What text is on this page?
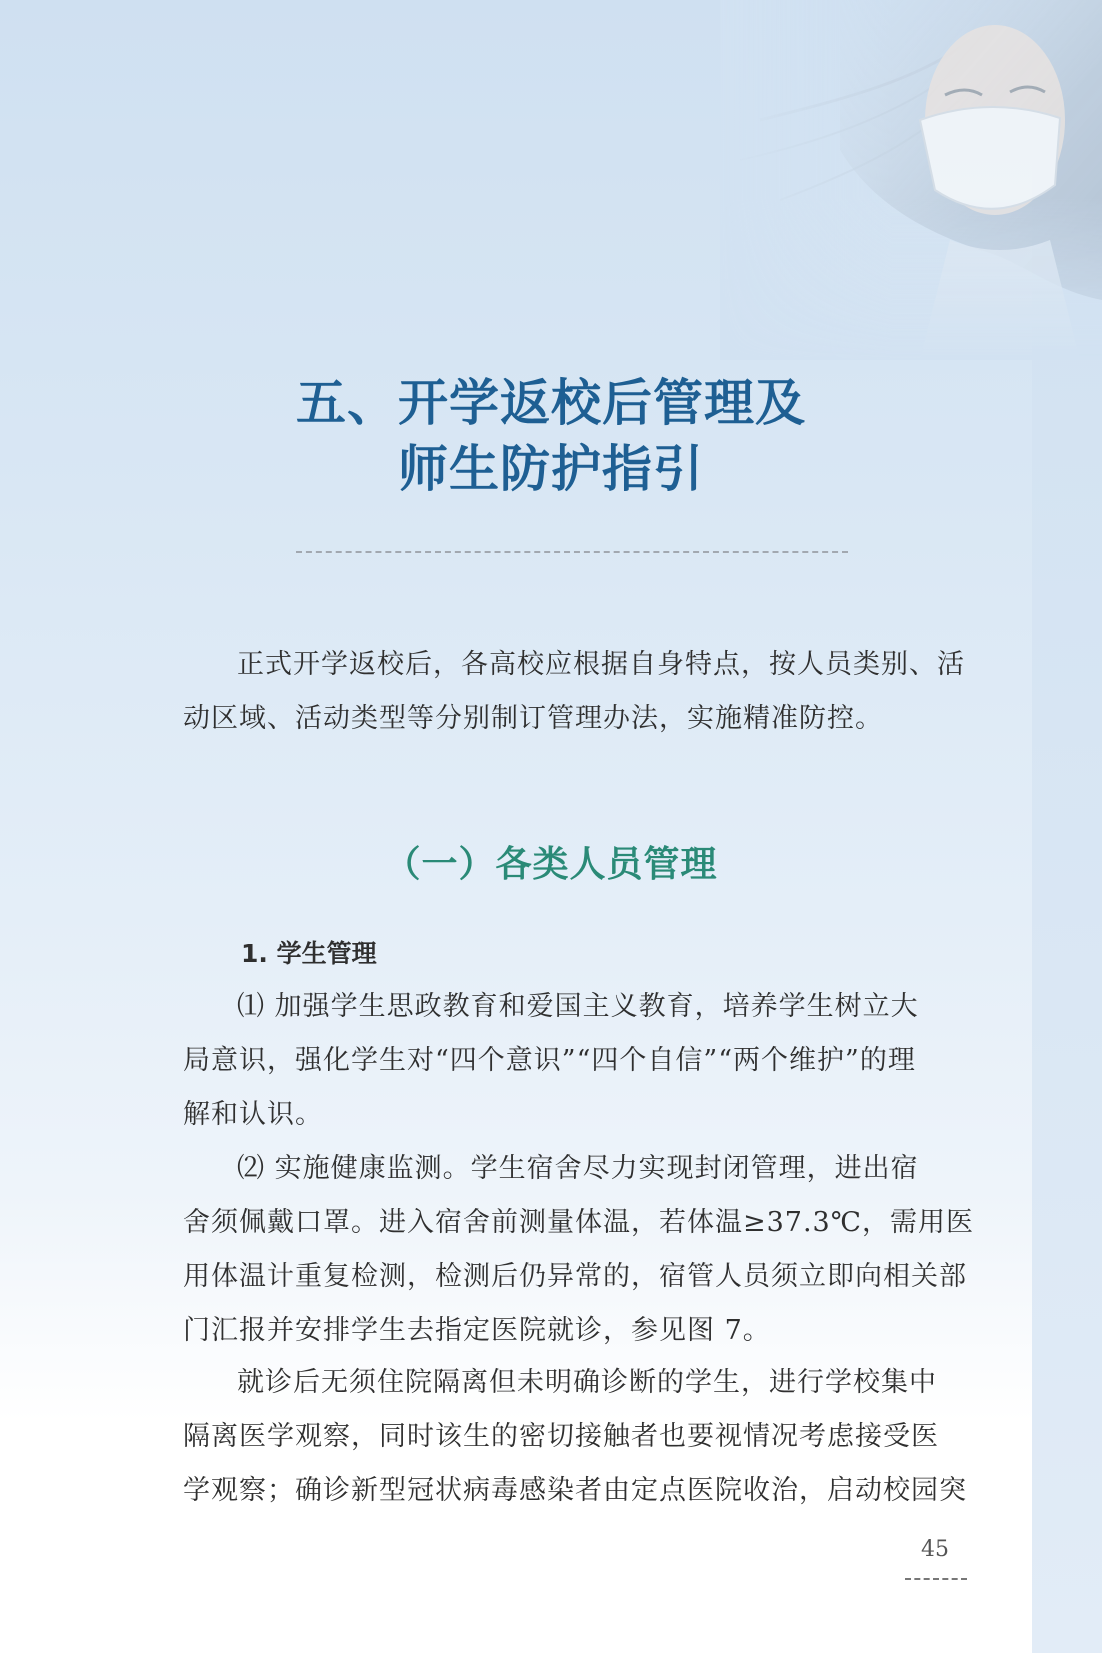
五、开学返校后管理及
师生防护指引
正式开学返校后，各高校应根据自身特点，按人员类别、活
动区域、活动类型等分别制订管理办法，实施精准防控。
（一）各类人员管理
1. 学生管理
⑴ 加强学生思政教育和爱国主义教育，培养学生树立大
局意识，强化学生对“四个意识”“四个自信”“两个维护”的理
解和认识。
⑵ 实施健康监测。学生宿舍尽力实现封闭管理，进出宿
舍须佩戴口罩。进入宿舍前测量体温，若体温≥37.3℃，需用医
用体温计重复检测，检测后仍异常的，宿管人员须立即向相关部
门汇报并安排学生去指定医院就诊，参见图 7。
就诊后无须住院隔离但未明确诊断的学生，进行学校集中
隔离医学观察，同时该生的密切接触者也要视情况考虑接受医
学观察；确诊新型冠状病毒感染者由定点医院收治，启动校园突
45
